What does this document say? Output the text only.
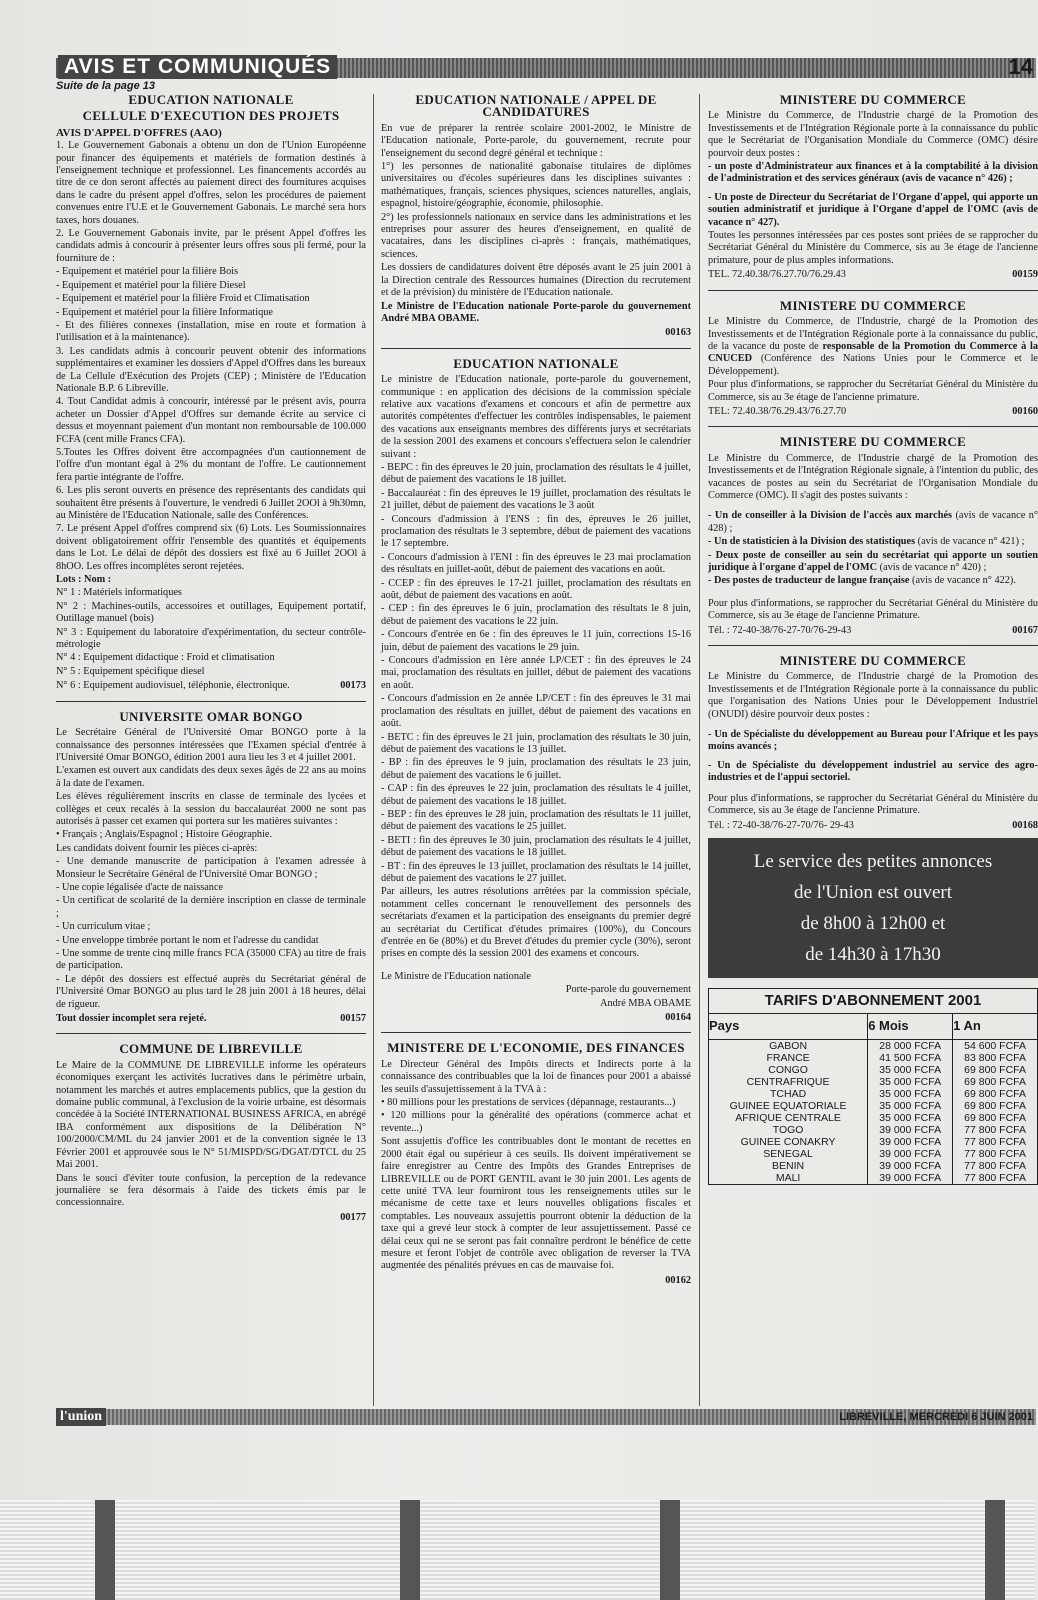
AVIS ET COMMUNIQUÉS	14
Suite de la page 13
EDUCATION NATIONALE
CELLULE D'EXECUTION DES PROJETS
AVIS D'APPEL D'OFFRES (AAO)

1. Le Gouvernement Gabonais a obtenu un don de l'Union Européenne pour financer des équipements et matériels de formation destinés à l'enseignement technique et professionnel. Les financements accordés au titre de ce don seront affectés au paiement direct des fournitures acquises dans le cadre du présent appel d'offres, selon les procédures de paiement convenues entre l'U.E et le Gouvernement Gabonais. Le marché sera hors taxes, hors douanes.

2. Le Gouvernement Gabonais invite, par le présent Appel d'offres les candidats admis à concourir à présenter leurs offres sous pli fermé, pour la fourniture de :

- Equipement et matériel pour la filière Bois

- Equipement et matériel pour la filière Diesel

- Equipement et matériel pour la filière Froid et Climatisation

- Equipement et matériel pour la filière Informatique

- Et des filières connexes (installation, mise en route et formation à l'utilisation et à la maintenance).

3. Les candidats admis à concourir peuvent obtenir des informations supplémentaires et examiner les dossiers d'Appel d'Offres dans les bureaux de La Cellule d'Exécution des Projets (CEP) ; Ministère de l'Education Nationale B.P. 6 Libreville.

4. Tout Candidat admis à concourir, intéressé par le présent avis, pourra acheter un Dossier d'Appel d'Offres sur demande écrite au service ci dessus et moyennant paiement d'un montant non remboursable de 100.000 FCFA (cent mille Francs CFA).

5.Toutes les Offres doivent être accompagnées d'un cautionnement de l'offre d'un montant égal à 2% du montant de l'offre. Le cautionnement fera partie intégrante de l'offre.

6. Les plis seront ouverts en présence des représentants des candidats qui souhaitent être présents à l'ouverture, le vendredi 6 Juillet 2OOl à 9h30mn, au Ministère de l'Education Nationale, salle des Conférences.

7. Le présent Appel d'offres comprend six (6) Lots. Les Soumissionnaires doivent obligatoirement offrir l'ensemble des quantités et équipements dans le Lot. Le délai de dépôt des dossiers est fixé au 6 Juillet 2OOl à 8hOO. Les offres incomplètes seront rejetées.

Lots : Nom :

N° 1 : Matériels informatiques

N° 2 : Machines-outils, accessoires et outillages, Equipement portatif, Outillage manuel (bois)

N° 3 : Equipement du laboratoire d'expérimentation, du secteur contrôle-métrologie

N° 4 : Equipement didactique : Froid et climatisation

N° 5 : Equipement spécifique diesel

N° 6 : Equipement audiovisuel, téléphonie, électronique.	00173
UNIVERSITE OMAR BONGO

Le Secrétaire Général de l'Université Omar BONGO porte à la connaissance des personnes intéressées que l'Examen spécial d'entrée à l'Université Omar BONGO, édition 2001 aura lieu les 3 et 4 juillet 2001.

L'examen est ouvert aux candidats des deux sexes âgés de 22 ans au moins à la date de l'examen.

Les élèves régulièrement inscrits en classe de terminale des lycées et collèges et ceux recalés à la session du baccalauréat 2000 ne sont pas autorisés à passer cet examen qui portera sur les matières suivantes :

• Français ; Anglais/Espagnol ; Histoire Géographie.

Les candidats doivent fournir les pièces ci-après:

- Une demande manuscrite de participation à l'examen adressée à Monsieur le Secrétaire Général de l'Université Omar BONGO ;

- Une copie légalisée d'acte de naissance

- Un certificat de scolarité de la dernière inscription en classe de terminale ;

- Un curriculum vitae ;

- Une enveloppe timbrée portant le nom et l'adresse du candidat

- Une somme de trente cinq mille francs FCA (35000 CFA) au titre de frais de participation.

- Le dépôt des dossiers est effectué auprès du Secrétariat général de l'Université Omar BONGO au plus tard le 28 juin 2001 à 18 heures, délai de rigueur.

Tout dossier incomplet sera rejeté.	00157
COMMUNE DE LIBREVILLE

Le Maire de la COMMUNE DE LIBREVILLE informe les opérateurs économiques exerçant les activités lucratives dans le périmètre urbain, notamment les marchés et autres emplacements publics, que la gestion du domaine public communal, à l'exclusion de la voirie urbaine, est désormais concédée à la Société INTERNATIONAL BUSINESS AFRICA, en abrégé IBA conformément aux dispositions de la Délibération N° 100/2000/CM/ML du 24 janvier 2001 et de la convention signée le 13 Février 2001 et approuvée sous le N° 51/MISPD/SG/DGAT/DTCL du 25 Mai 2001.

Dans le souci d'éviter toute confusion, la perception de la redevance journalière se fera désormais à l'aide des tickets émis par le concessionnaire.

00177
EDUCATION NATIONALE / APPEL DE CANDIDATURES

En vue de préparer la rentrée scolaire 2001-2002, le Ministre de l'Education nationale, Porte-parole, du gouvernement, recrute pour l'enseignement du second degré général et technique :

1°) les personnes de nationalité gabonaise titulaires de diplômes universitaires ou d'écoles supérieures dans les disciplines suivantes : mathématiques, français, sciences physiques, sciences naturelles, anglais, espagnol, histoire/géographie, économie, philosophie.

2°) les professionnels nationaux en service dans les administrations et les entreprises pour assurer des heures d'enseignement, en qualité de vacataires, dans les disciplines ci-après : français, mathématiques, sciences.

Les dossiers de candidatures doivent être déposés avant le 25 juin 2001 à la Direction centrale des Ressources humaines (Direction du recrutement et de la prévision) du ministère de l'Education nationale.

Le Ministre de l'Education nationale Porte-parole du gouvernement André MBA OBAME.

00163
EDUCATION NATIONALE

Le ministre de l'Education nationale, porte-parole du gouvernement, communique : en application des décisions de la commission spéciale relative aux vacations d'examens et concours et afin de permettre aux autorités compétentes d'effectuer les contrôles indispensables, le paiement des vacations aux enseignants membres des différents jurys et secrétariats de la session 2001 des examens et concours s'effectuera selon le calendrier suivant :

- BEPC : fin des épreuves le 20 juin, proclamation des résultats le 4 juillet, début de paiement des vacations le 18 juillet.

- Baccalauréat : fin des épreuves le 19 juillet, proclamation des résultats le 21 juillet, début de paiement des vacations le 3 août

- Concours d'admission à l'ENS : fin des, épreuves le 26 juillet, proclamation des résultats le 3 septembre, début de paiement des vacations le 17 septembre.

- Concours d'admission à l'ENI : fin des épreuves le 23 mai proclamation des résultats en juillet-août, début de paiement des vacations en août.

- CCEP : fin des épreuves le 17-21 juillet, proclamation des résultats en août, début de paiement des vacations en août.

- CEP : fin des épreuves le 6 juin, proclamation des résultats le 8 juin, début de paiement des vacations le 22 juin.

- Concours d'entrée en 6e : fin des épreuves le 11 juin, corrections 15-16 juin, début de paiement des vacations le 29 juin.

- Concours d'admission en 1ère année LP/CET : fin des épreuves le 24 mai, proclamation des résultats en juillet, début de paiement des vacations en août.

- Concours d'admission en 2e année LP/CET : fin des épreuves le 31 mai proclamation des résultats en juillet, début de paiement des vacations en août.

- BETC : fin des épreuves le 21 juin, proclamation des résultats le 30 juin, début de paiement des vacations le 13 juillet.

- BP : fin des épreuves le 9 juin, proclamation des résultats le 23 juin, début de paiement des vacations le 6 juillet.

- CAP : fin des épreuves le 22 juin, proclamation des résultats le 4 juillet, début de paiement des vacations le 18 juillet.

- BEP : fin des épreuves le 28 juin, proclamation des résultats le 11 juillet, début de paiement des vacations le 25 juillet.

- BETI : fin des épreuves le 30 juin, proclamation des résultats le 4 juillet, début de paiement des vacations le 18 juillet.

- BT : fin des épreuves le 13 juillet, proclamation des résultats le 14 juillet, début de paiement des vacations le 27 juillet.

Par ailleurs, les autres résolutions arrêtées par la commission spéciale, notamment celles concernant le renouvellement des personnels des secrétariats d'examen et la participation des enseignants du premier degré au secrétariat du Certificat d'études primaires (100%), du Concours d'entrée en 6e (80%) et du Brevet d'études du premier cycle (30%), seront prises en compte dès la session 2001 des examens et concours.

Le Ministre de l'Education nationale

Porte-parole du gouvernement

André MBA OBAME

00164
MINISTERE DE L'ECONOMIE, DES FINANCES

Le Directeur Général des Impôts directs et Indirects porte à la connaissance des contribuables que la loi de finances pour 2001 a abaissé les seuils d'assujettissement à la TVA à :

• 80 millions pour les prestations de services (dépannage, restaurants...)

• 120 millions pour la généralité des opérations (commerce achat et revente...)

Sont assujettis d'office les contribuables dont le montant de recettes en 2000 était égal ou supérieur à ces seuils. Ils doivent impérativement se faire enregistrer au Centre des Impôts des Grandes Entreprises de LIBREVILLE ou de PORT GENTIL avant le 30 juin 2001. Les agents de cette unité TVA leur fourniront tous les renseignements utiles sur le mécanisme de cette taxe et leurs nouvelles obligations fiscales et comptables. Les nouveaux assujettis pourront obtenir la déduction de la taxe qui a grevé leur stock à compter de leur assujettissement. Passé ce délai ceux qui ne se seront pas fait connaître perdront le bénéfice de cette mesure et feront l'objet de contrôle avec obligation de reverser la TVA augmentée des pénalités prévues en cas de mauvaise foi.

00162
MINISTERE DU COMMERCE

Le Ministre du Commerce, de l'Industrie chargé de la Promotion des Investissements et de l'Intégration Régionale porte à la connaissance du public que le Secrétariat de l'Organisation Mondiale du Commerce (OMC) désire pourvoir deux postes :

- un poste d'Administrateur aux finances et à la comptabilité à la division de l'administration et des services généraux (avis de vacance n° 426) ;

- Un poste de Directeur du Secrétariat de l'Organe d'appel, qui apporte un soutien administratif et juridique à l'Organe d'appel de l'OMC (avis de vacance n° 427).

Toutes les personnes intéressées par ces postes sont priées de se rapprocher du Secrétariat Général du Ministère du Commerce, sis au 3e étage de l'ancienne primature, pour de plus amples informations.

TEL. 72.40.38/76.27.70/76.29.43	00159
MINISTERE DU COMMERCE

Le Ministre du Commerce, de l'Industrie, chargé de la Promotion des Investissements et de l'Intégration Régionale porte à la connaissance du public, de la vacance du poste de responsable de la Promotion du Commerce à la CNUCED (Conférence des Nations Unies pour le Commerce et le Développement).

Pour plus d'informations, se rapprocher du Secrétariat Général du Ministère du Commerce, sis au 3e étage de l'ancienne primature.

TEL: 72.40.38/76.29.43/76.27.70	00160
MINISTERE DU COMMERCE

Le Ministre du Commerce, de l'Industrie chargé de la Promotion des Investissements et de l'Intégration Régionale signale, à l'intention du public, des vacances de postes au sein du Secrétariat de l'Organisation Mondiale du Commerce (OMC). Il s'agit des postes suivants :

- Un de conseiller à la Division de l'accès aux marchés (avis de vacance n° 428) ;

- Un de statisticien à la Division des statistiques (avis de vacance n° 421) ;

- Deux poste de conseiller au sein du secrétariat qui apporte un soutien juridique à l'organe d'appel de l'OMC (avis de vacance n° 420) ;

- Des postes de traducteur de langue française (avis de vacance n° 422).

Pour plus d'informations, se rapprocher du Secrétariat Général du Ministère du Commerce, sis au 3e étage de l'ancienne Primature.

Tél. : 72-40-38/76-27-70/76-29-43	00167
MINISTERE DU COMMERCE

Le Ministre du Commerce, de l'Industrie chargé de la Promotion des Investissements et de l'Intégration Régionale porte à la connaissance du public que l'organisation des Nations Unies pour le Développement Industriel (ONUDI) désire pourvoir deux postes :

- Un de Spécialiste du développement au Bureau pour l'Afrique et les pays moins avancés ;

- Un de Spécialiste du développement industriel au service des agro-industries et de l'appui sectoriel.

Pour plus d'informations, se rapprocher du Secrétariat Général du Ministère du Commerce, sis au 3e étage de l'ancienne Primature.

Tél. : 72-40-38/76-27-70/76- 29-43	00168
Le service des petites annonces
de l'Union est ouvert
de 8h00 à 12h00 et
de 14h30 à 17h30
TARIFS D'ABONNEMENT 2001
Pays	6 Mois	1 An
GABON	28 000 FCFA	54 600 FCFA
FRANCE	41 500 FCFA	83 800 FCFA
CONGO	35 000 FCFA	69 800 FCFA
CENTRAFRIQUE	35 000 FCFA	69 800 FCFA
TCHAD	35 000 FCFA	69 800 FCFA
GUINEE EQUATORIALE	35 000 FCFA	69 800 FCFA
AFRIQUE CENTRALE	35 000 FCFA	69 800 FCFA
TOGO	39 000 FCFA	77 800 FCFA
GUINEE CONAKRY	39 000 FCFA	77 800 FCFA
SENEGAL	39 000 FCFA	77 800 FCFA
BENIN	39 000 FCFA	77 800 FCFA
MALI	39 000 FCFA	77 800 FCFA
l'union	LIBREVILLE, MERCREDI 6 JUIN 2001
